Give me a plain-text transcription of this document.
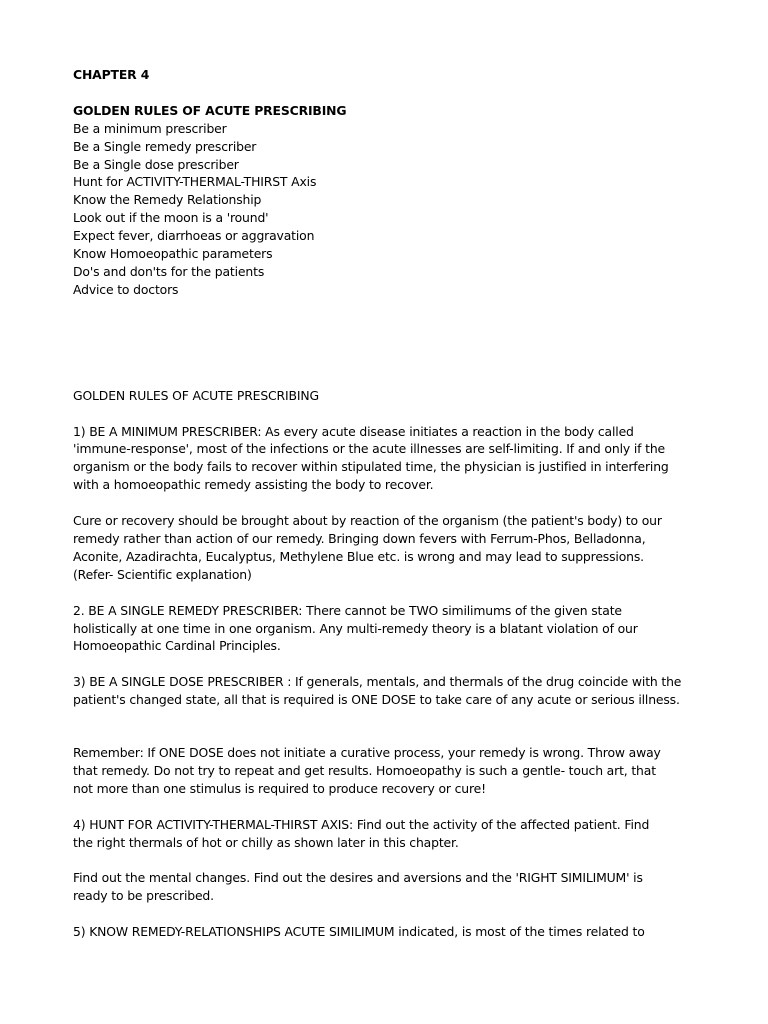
CHAPTER 4
GOLDEN RULES OF ACUTE PRESCRIBING
Be a minimum prescriber
Be a Single remedy prescriber
Be a Single dose prescriber
Hunt for ACTIVITY-THERMAL-THIRST Axis
Know the Remedy Relationship
Look out if the moon is a 'round'
Expect fever, diarrhoeas or aggravation
Know Homoeopathic parameters
Do's and don'ts for the patients
Advice to doctors
GOLDEN RULES OF ACUTE PRESCRIBING
1) BE A MINIMUM PRESCRIBER: As every acute disease initiates a reaction in the body called
'immune-response', most of the infections or the acute illnesses are self-limiting. If and only if the
organism or the body fails to recover within stipulated time, the physician is justified in interfering
with a homoeopathic remedy assisting the body to recover.
Cure or recovery should be brought about by reaction of the organism (the patient's body) to our
remedy rather than action of our remedy. Bringing down fevers with Ferrum-Phos, Belladonna,
Aconite, Azadirachta, Eucalyptus, Methylene Blue etc. is wrong and may lead to suppressions.
(Refer- Scientific explanation)
2. BE A SINGLE REMEDY PRESCRIBER: There cannot be TWO similimums of the given state
holistically at one time in one organism. Any multi-remedy theory is a blatant violation of our
Homoeopathic Cardinal Principles.
3) BE A SINGLE DOSE PRESCRIBER : If generals, mentals, and thermals of the drug coincide with the
patient's changed state, all that is required is ONE DOSE to take care of any acute or serious illness.
Remember: If ONE DOSE does not initiate a curative process, your remedy is wrong. Throw away
that remedy. Do not try to repeat and get results. Homoeopathy is such a gentle- touch art, that
not more than one stimulus is required to produce recovery or cure!
4) HUNT FOR ACTIVITY-THERMAL-THIRST AXIS: Find out the activity of the affected patient. Find
the right thermals of hot or chilly as shown later in this chapter.
Find out the mental changes. Find out the desires and aversions and the 'RIGHT SIMILIMUM' is
ready to be prescribed.
5) KNOW REMEDY-RELATIONSHIPS ACUTE SIMILIMUM indicated, is most of the times related to
